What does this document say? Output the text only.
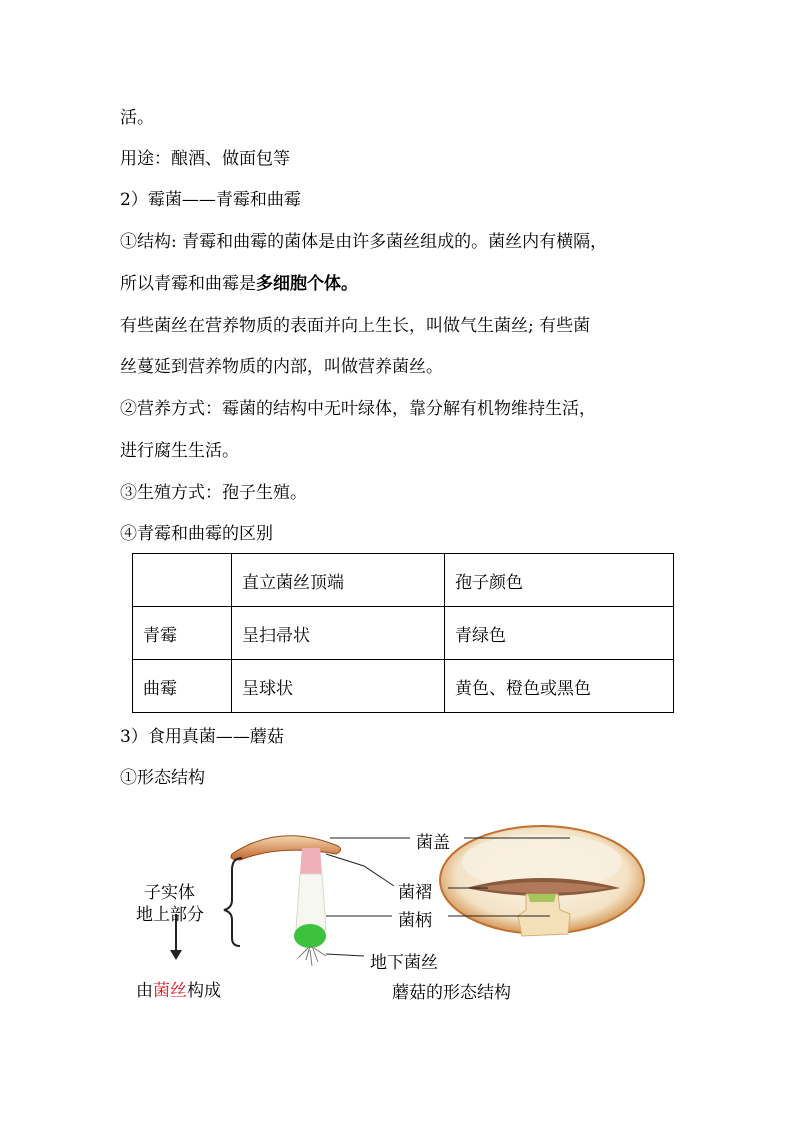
活。
用途：酿酒、做面包等
2）霉菌——青霉和曲霉
①结构: 青霉和曲霉的菌体是由许多菌丝组成的。菌丝内有横隔，
所以青霉和曲霉是多细胞个体。
有些菌丝在营养物质的表面并向上生长，叫做气生菌丝; 有些菌
丝蔓延到营养物质的内部，叫做营养菌丝。
②营养方式：霉菌的结构中无叶绿体，靠分解有机物维持生活，
进行腐生生活。
③生殖方式：孢子生殖。
④青霉和曲霉的区别
	直立菌丝顶端	孢子颜色
青霉	呈扫帚状	青绿色
曲霉	呈球状	黄色、橙色或黑色
3）食用真菌——蘑菇
①形态结构
子实体
地上部分
由菌丝构成
菌盖
菌褶
菌柄
地下菌丝
蘑菇的形态结构
